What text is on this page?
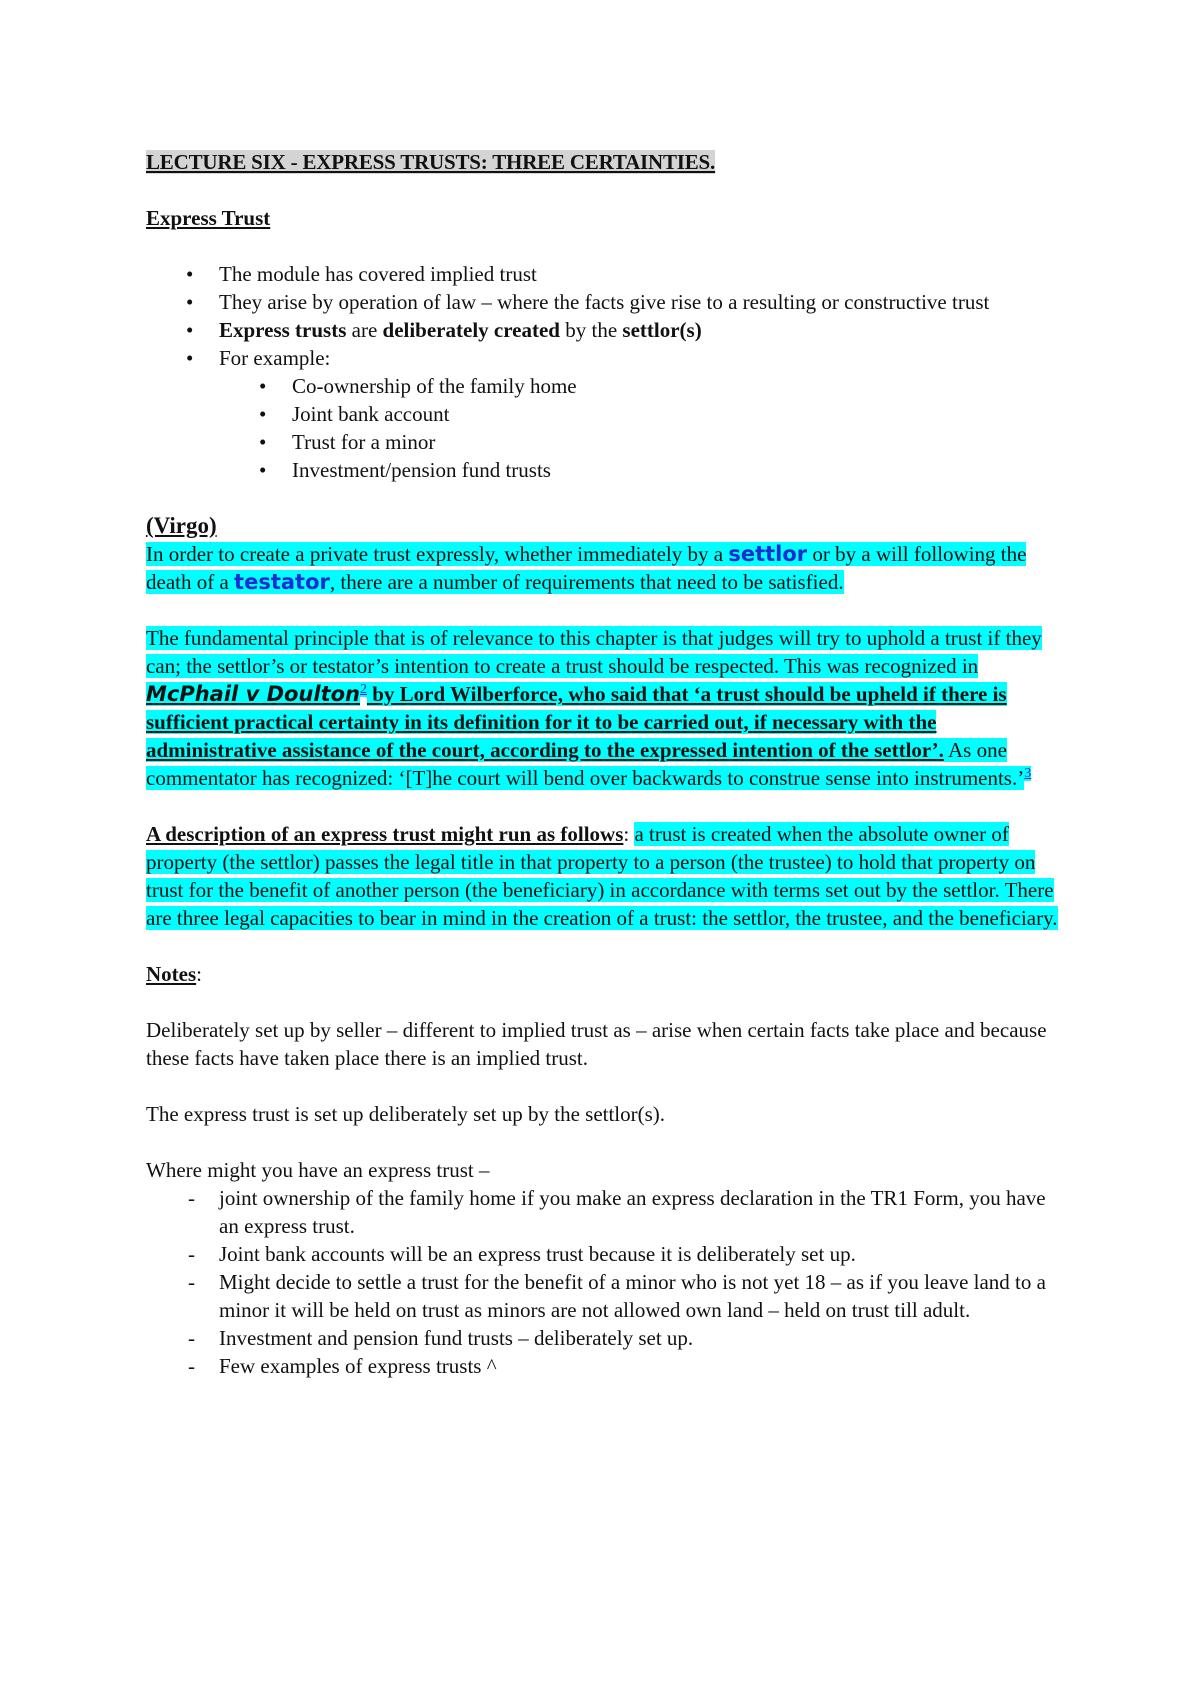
LECTURE SIX - EXPRESS TRUSTS: THREE CERTAINTIES.

Express Trust

• The module has covered implied trust
• They arise by operation of law – where the facts give rise to a resulting or constructive trust
• Express trusts are deliberately created by the settlor(s)
• For example:
• Co-ownership of the family home
• Joint bank account
• Trust for a minor
• Investment/pension fund trusts

(Virgo)

In order to create a private trust expressly, whether immediately by a settlor or by a will following the death of a testator, there are a number of requirements that need to be satisfied.

The fundamental principle that is of relevance to this chapter is that judges will try to uphold a trust if they can; the settlor’s or testator’s intention to create a trust should be respected. This was recognized in McPhail v Doulton$^2$ by Lord Wilberforce, who said that ‘a trust should be upheld if there is sufficient practical certainty in its definition for it to be carried out, if necessary with the administrative assistance of the court, according to the expressed intention of the settlor’. As one commentator has recognized: ‘[T]he court will bend over backwards to construe sense into instruments.’$^3$

A description of an express trust might run as follows: a trust is created when the absolute owner of property (the settlor) passes the legal title in that property to a person (the trustee) to hold that property on trust for the benefit of another person (the beneficiary) in accordance with terms set out by the settlor. There are three legal capacities to bear in mind in the creation of a trust: the settlor, the trustee, and the beneficiary.

Notes:

Deliberately set up by seller – different to implied trust as – arise when certain facts take place and because these facts have taken place there is an implied trust.

The express trust is set up deliberately set up by the settlor(s).

Where might you have an express trust –

- joint ownership of the family home if you make an express declaration in the TR1 Form, you have an express trust.
- Joint bank accounts will be an express trust because it is deliberately set up.
- Might decide to settle a trust for the benefit of a minor who is not yet 18 – as if you leave land to a minor it will be held on trust as minors are not allowed own land – held on trust till adult.
- Investment and pension fund trusts – deliberately set up.
- Few examples of express trusts ^
